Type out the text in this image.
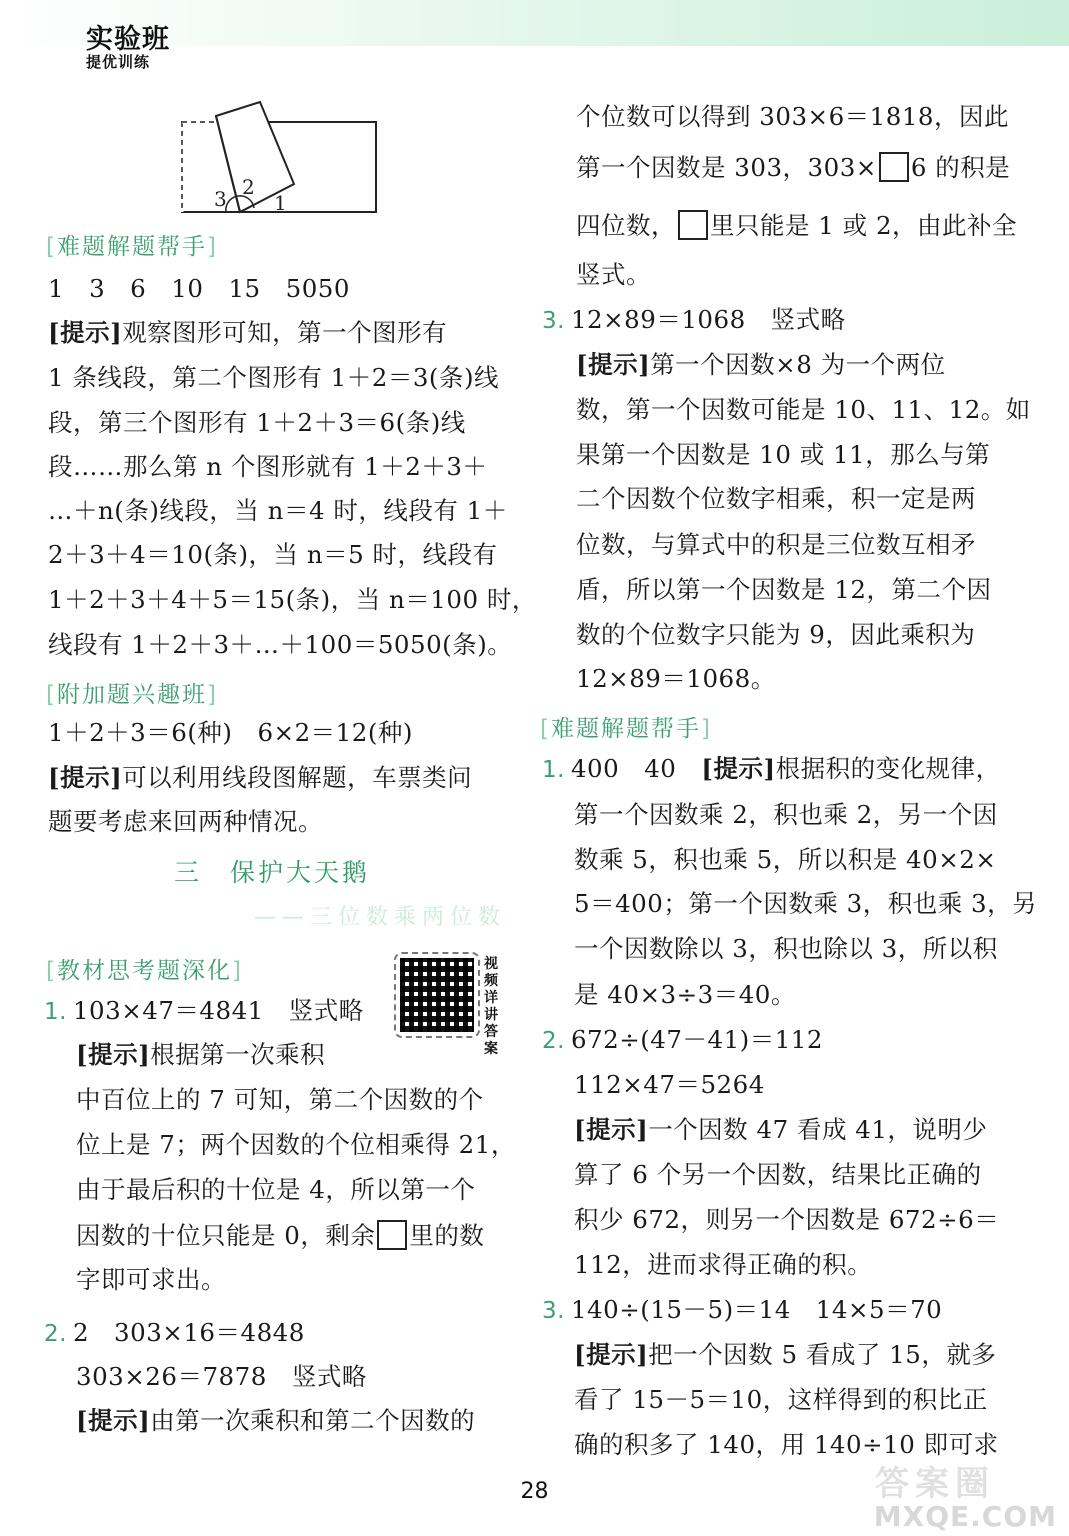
实验班
提优训练
3 2
1
[难题解题帮手]
1　3　6　10　15　5050
[提示]观察图形可知，第一个图形有
1 条线段，第二个图形有 1＋2＝3(条)线
段，第三个图形有 1＋2＋3＝6(条)线
段……那么第 n 个图形就有 1＋2＋3＋
…＋n(条)线段，当 n＝4 时，线段有 1＋
2＋3＋4＝10(条)，当 n＝5 时，线段有
1＋2＋3＋4＋5＝15(条)，当 n＝100 时，
线段有 1＋2＋3＋…＋100＝5050(条)。
[附加题兴趣班]
1＋2＋3＝6(种)　6×2＝12(种)
[提示]可以利用线段图解题，车票类问
题要考虑来回两种情况。
三　保护大天鹅
——三位数乘两位数
[教材思考题深化]	视频详讲答案
1. 103×47＝4841　竖式略
[提示]根据第一次乘积
中百位上的 7 可知，第二个因数的个
位上是 7；两个因数的个位相乘得 21，
由于最后积的十位是 4，所以第一个
因数的十位只能是 0，剩余 里的数
字即可求出。
2. 2　303×16＝4848
303×26＝7878　竖式略
[提示]由第一次乘积和第二个因数的
个位数可以得到 303×6＝1818，因此
第一个因数是 303，303× 6 的积是
四位数， 里只能是 1 或 2，由此补全
竖式。
3. 12×89＝1068　竖式略
[提示]第一个因数×8 为一个两位
数，第一个因数可能是 10、11、12。如
果第一个因数是 10 或 11，那么与第
二个因数个位数字相乘，积一定是两
位数，与算式中的积是三位数互相矛
盾，所以第一个因数是 12，第二个因
数的个位数字只能为 9，因此乘积为
12×89＝1068。
[难题解题帮手]
1. 400　40　 [提示]根据积的变化规律，
第一个因数乘 2，积也乘 2，另一个因
数乘 5，积也乘 5，所以积是 40×2×
5＝400；第一个因数乘 3，积也乘 3，另
一个因数除以 3，积也除以 3，所以积
是 40×3÷3＝40。
2. 672÷(47－41)＝112
112×47＝5264
[提示]一个因数 47 看成 41，说明少
算了 6 个另一个因数，结果比正确的
积少 672，则另一个因数是 672÷6＝
112，进而求得正确的积。
3. 140÷(15－5)＝14　14×5＝70
[提示]把一个因数 5 看成了 15，就多
看了 15－5＝10，这样得到的积比正
确的积多了 140，用 140÷10 即可求
28	答案圈
MXQE.COM
